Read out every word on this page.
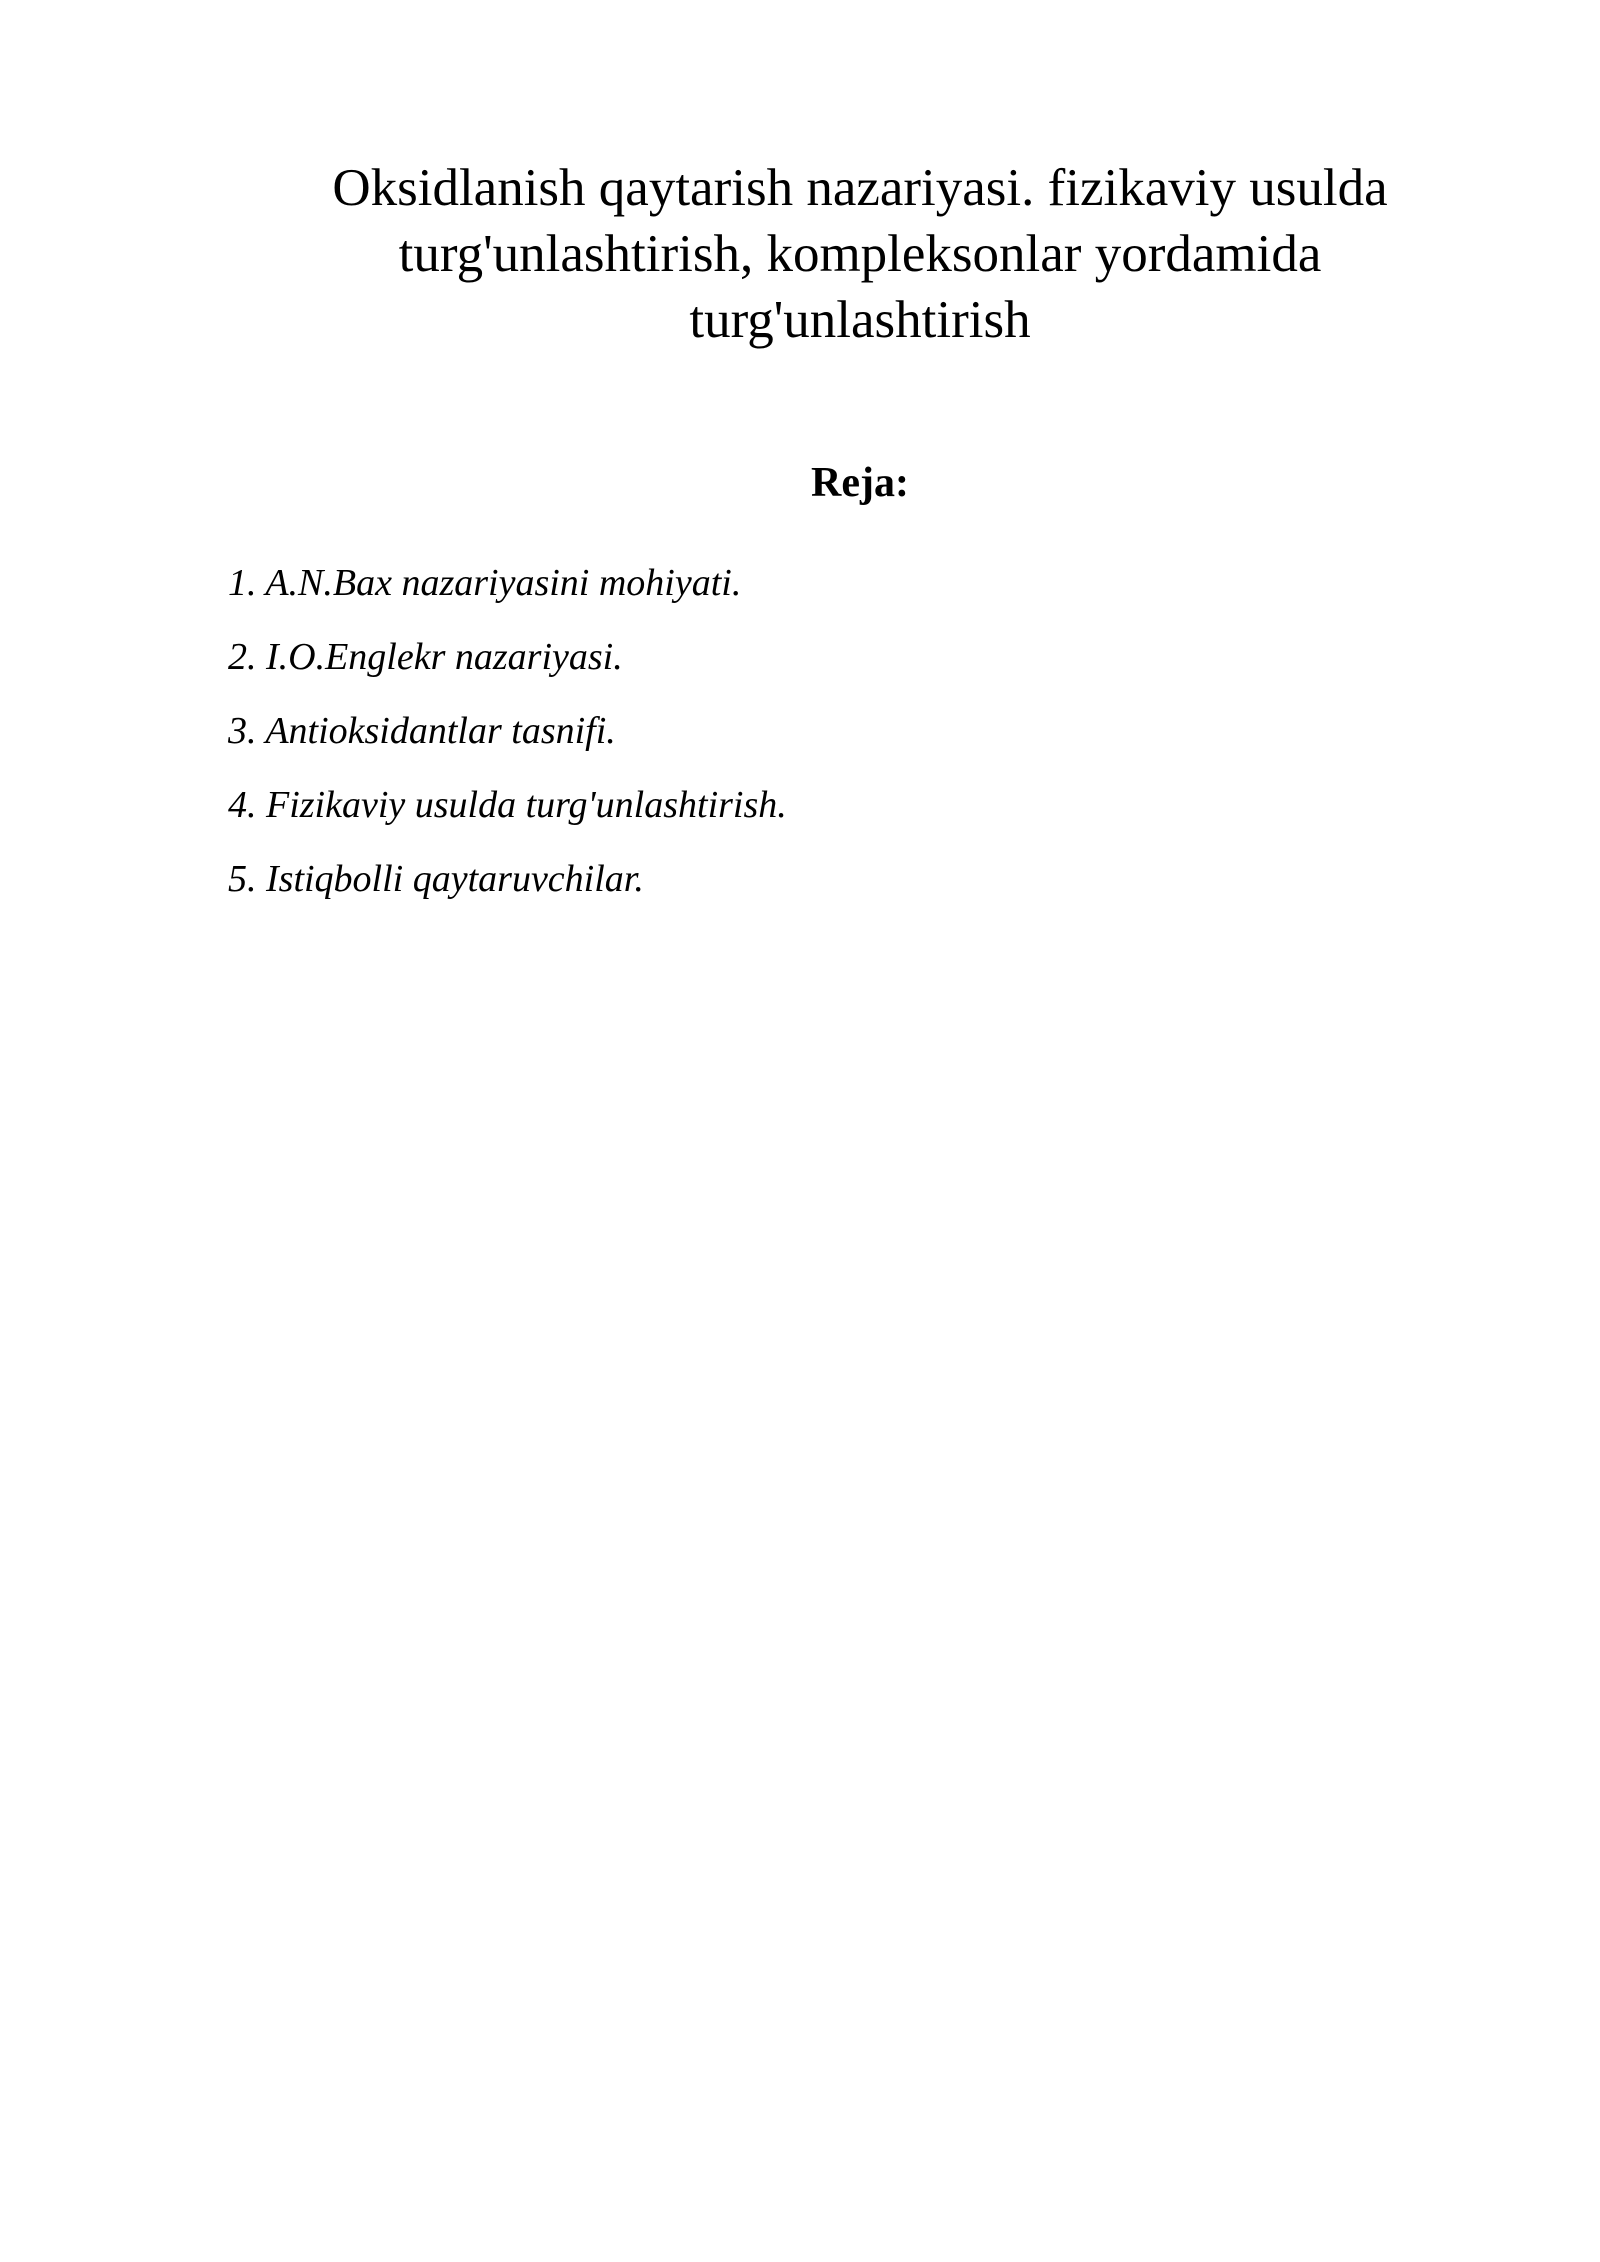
Oksidlanish qaytarish nazariyasi. fizikaviy usulda
turg'unlashtirish, kompleksonlar yordamida
turg'unlashtirish
Reja:
1. A.N.Bax nazariyasini mohiyati.
2. I.O.Englekr nazariyasi.
3. Antioksidantlar tasnifi.
4. Fizikaviy usulda turg'unlashtirish.
5. Istiqbolli qaytaruvchilar.
